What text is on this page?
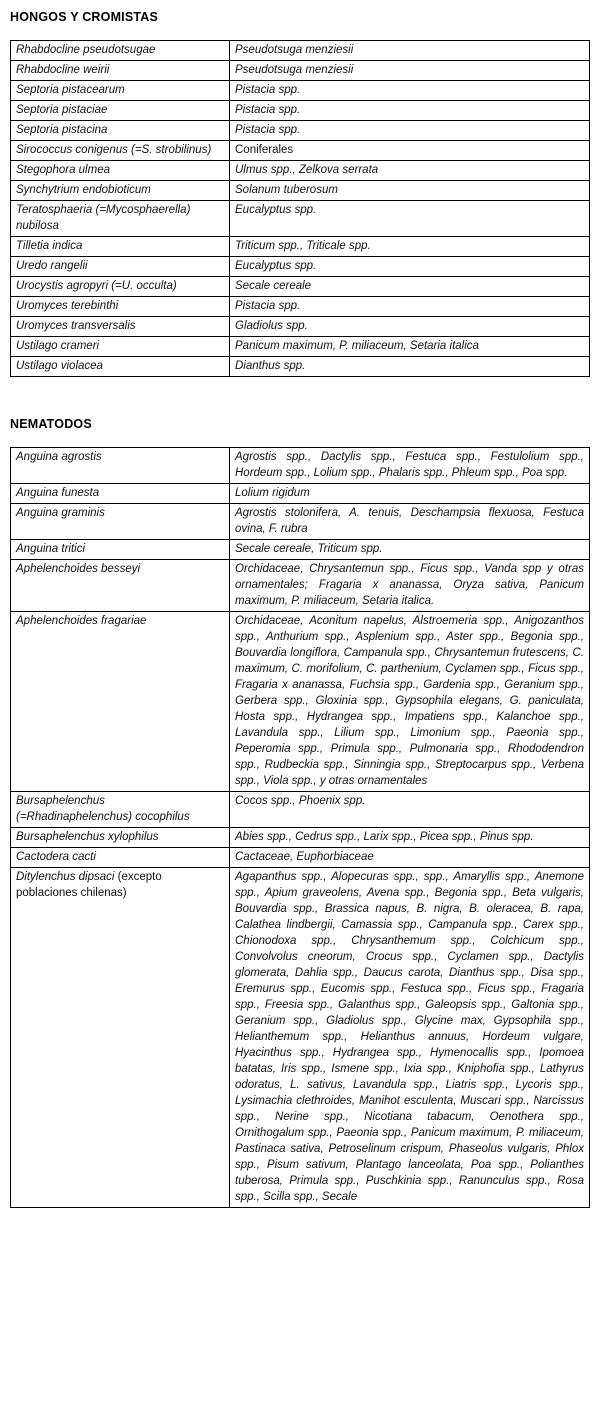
HONGOS Y CROMISTAS
Rhabdocline pseudotsugae	Pseudotsuga menziesii
Rhabdocline weirii	Pseudotsuga menziesii
Septoria pistacearum	Pistacia spp.
Septoria pistaciae	Pistacia spp.
Septoria pistacina	Pistacia spp.
Sirococcus conigenus (=S. strobilinus)	Coniferales
Stegophora ulmea	Ulmus spp., Zelkova serrata
Synchytrium endobioticum	Solanum tuberosum
Teratosphaeria (=Mycosphaerella) nubilosa	Eucalyptus spp.
Tilletia indica	Triticum spp., Triticale spp.
Uredo rangelii	Eucalyptus spp.
Urocystis agropyri (=U. occulta)	Secale cereale
Uromyces terebinthi	Pistacia spp.
Uromyces transversalis	Gladiolus spp.
Ustilago crameri	Panicum maximum, P. miliaceum, Setaria italica
Ustilago violacea	Dianthus spp.
NEMATODOS
Anguina agrostis	Agrostis spp., Dactylis spp., Festuca spp., Festulolium spp., Hordeum spp., Lolium spp., Phalaris spp., Phleum spp., Poa spp.
Anguina funesta	Lolium rigidum
Anguina graminis	Agrostis stolonifera, A. tenuis, Deschampsia flexuosa, Festuca ovina, F. rubra
Anguina tritici	Secale cereale, Triticum spp.
Aphelenchoides besseyi	Orchidaceae, Chrysantemun spp., Ficus spp., Vanda spp y otras ornamentales; Fragaria x ananassa, Oryza sativa, Panicum maximum, P. miliaceum, Setaria italica.
Aphelenchoides fragariae	Orchidaceae, Aconitum napelus, Alstroemeria spp., Anigozanthos spp., Anthurium spp., Asplenium spp., Aster spp., Begonia spp., Bouvardia longiflora, Campanula spp., Chrysantemun frutescens, C. maximum, C. morifolium, C. parthenium, Cyclamen spp., Ficus spp., Fragaria x ananassa, Fuchsia spp., Gardenia spp., Geranium spp., Gerbera spp., Gloxinia spp., Gypsophila elegans, G. paniculata, Hosta spp., Hydrangea spp., Impatiens spp., Kalanchoe spp., Lavandula spp., Lilium spp., Limonium spp., Paeonia spp., Peperomia spp., Primula spp., Pulmonaria spp., Rhododendron spp., Rudbeckia spp., Sinningia spp., Streptocarpus spp., Verbena spp., Viola spp., y otras ornamentales
Bursaphelenchus (=Rhadinaphelenchus) cocophilus	Cocos spp., Phoenix spp.
Bursaphelenchus xylophilus	Abies spp., Cedrus spp., Larix spp., Picea spp., Pinus spp.
Cactodera cacti	Cactaceae, Euphorbiaceae
Ditylenchus dipsaci (excepto poblaciones chilenas)	Agapanthus spp., Alopecuras spp., spp., Amaryllis spp., Anemone spp., Apium graveolens, Avena spp., Begonia spp., Beta vulgaris, Bouvardia spp., Brassica napus, B. nigra, B. oleracea, B. rapa, Calathea lindbergii, Camassia spp., Campanula spp., Carex spp., Chionodoxa spp., Chrysanthemum spp., Colchicum spp., Convolvolus cneorum, Crocus spp., Cyclamen spp., Dactylis glomerata, Dahlia spp., Daucus carota, Dianthus spp., Disa spp., Eremurus spp., Eucomis spp., Festuca spp., Ficus spp., Fragaria spp., Freesia spp., Galanthus spp., Galeopsis spp., Galtonia spp., Geranium spp., Gladiolus spp., Glycine max, Gypsophila spp., Helianthemum spp., Helianthus annuus, Hordeum vulgare, Hyacinthus spp., Hydrangea spp., Hymenocallis spp., Ipomoea batatas, Iris spp., Ismene spp., Ixia spp., Kniphofia spp., Lathyrus odoratus, L. sativus, Lavandula spp., Liatris spp., Lycoris spp., Lysimachia clethroides, Manihot esculenta, Muscari spp., Narcissus spp., Nerine spp., Nicotiana tabacum, Oenothera spp., Ornithogalum spp., Paeonia spp., Panicum maximum, P. miliaceum, Pastinaca sativa, Petroselinum crispum, Phaseolus vulgaris, Phlox spp., Pisum sativum, Plantago lanceolata, Poa spp., Polianthes tuberosa, Primula spp., Puschkinia spp., Ranunculus spp., Rosa spp., Scilla spp., Secale
